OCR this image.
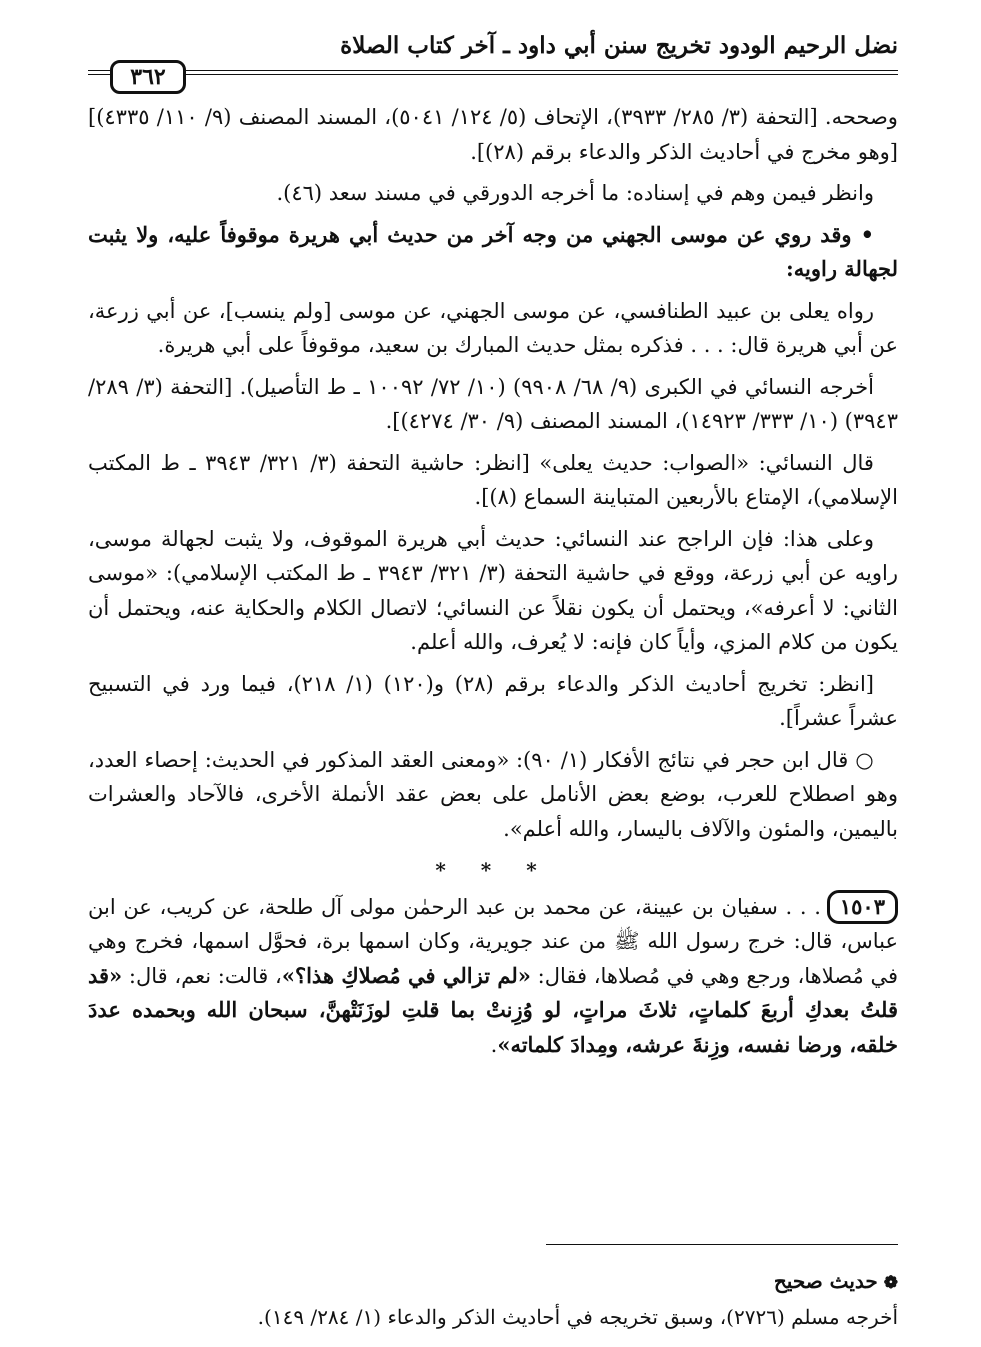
نضل الرحيم الودود تخريج سنن أبي داود ـ آخر كتاب الصلاة
٣٦٢

وصححه. [التحفة (٣/ ٢٨٥/ ٣٩٣٣)، الإتحاف (٥/ ١٢٤/ ٥٠٤١)، المسند المصنف (٩/ ١١٠/ ٤٣٣٥)] [وهو مخرج في أحاديث الذكر والدعاء برقم (٢٨)].

وانظر فيمن وهم في إسناده: ما أخرجه الدورقي في مسند سعد (٤٦).

• وقد روي عن موسى الجهني من وجه آخر من حديث أبي هريرة موقوفاً عليه، ولا يثبت لجهالة راويه:

رواه يعلى بن عبيد الطنافسي، عن موسى الجهني، عن موسى [ولم ينسب]، عن أبي زرعة، عن أبي هريرة قال: . . . فذكره بمثل حديث المبارك بن سعيد، موقوفاً على أبي هريرة.

أخرجه النسائي في الكبرى (٩/ ٦٨/ ٩٩٠٨) (١٠/ ٧٢/ ١٠٠٩٢ ـ ط التأصيل). [التحفة (٣/ ٢٨٩/ ٣٩٤٣) (١٠/ ٣٣٣/ ١٤٩٢٣)، المسند المصنف (٩/ ٣٠/ ٤٢٧٤)].

قال النسائي: «الصواب: حديث يعلى» [انظر: حاشية التحفة (٣/ ٣٢١/ ٣٩٤٣ ـ ط المكتب الإسلامي)، الإمتاع بالأربعين المتباينة السماع (٨)].

وعلى هذا: فإن الراجح عند النسائي: حديث أبي هريرة الموقوف، ولا يثبت لجهالة موسى، راويه عن أبي زرعة، ووقع في حاشية التحفة (٣/ ٣٢١/ ٣٩٤٣ ـ ط المكتب الإسلامي): «موسى الثاني: لا أعرفه»، ويحتمل أن يكون نقلاً عن النسائي؛ لاتصال الكلام والحكاية عنه، ويحتمل أن يكون من كلام المزي، وأياً كان فإنه: لا يُعرف، والله أعلم.

[انظر: تخريج أحاديث الذكر والدعاء برقم (٢٨) و(١٢٠) (١/ ٢١٨)، فيما ورد في التسبيح عشراً عشراً].

○ قال ابن حجر في نتائج الأفكار (١/ ٩٠): «ومعنى العقد المذكور في الحديث: إحصاء العدد، وهو اصطلاح للعرب، بوضع بعض الأنامل على بعض عقد الأنملة الأخرى، فالآحاد والعشرات باليمين، والمئون والآلاف باليسار، والله أعلم».

* * *

١٥٠٣. . . سفيان بن عيينة، عن محمد بن عبد الرحمٰن مولى آل طلحة، عن كريب، عن ابن عباس، قال: خرج رسول الله ﷺ من عند جويرية، وكان اسمها برة، فحوَّل اسمها، فخرج وهي في مُصلاها، ورجع وهي في مُصلاها، فقال: «لم تزالي في مُصلاكِ هذا؟»، قالت: نعم، قال: «قد قلتُ بعدكِ أربعَ كلماتٍ، ثلاثَ مراتٍ، لو وُزِنتْ بما قلتِ لوزَنَتْهنَّ، سبحان الله وبحمده عددَ خلقه، ورضا نفسه، وزِنةَ عرشه، ومِدادَ كلماته».

❁حديث صحيح

أخرجه مسلم (٢٧٢٦)، وسبق تخريجه في أحاديث الذكر والدعاء (١/ ٢٨٤/ ١٤٩).
